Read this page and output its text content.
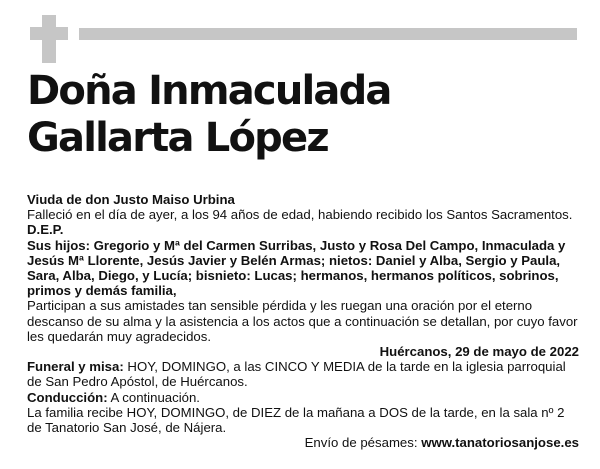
Doña Inmaculada
Gallarta López

Viuda de don Justo Maiso Urbina

Falleció en el día de ayer, a los 94 años de edad, habiendo recibido los Santos Sacramentos.

D.E.P.

Sus hijos: Gregorio y Mª del Carmen Surribas, Justo y Rosa Del Campo, Inmaculada y Jesús Mª Llorente, Jesús Javier y Belén Armas; nietos: Daniel y Alba, Sergio y Paula, Sara, Alba, Diego, y Lucía; bisnieto: Lucas; hermanos, hermanos políticos, sobrinos, primos y demás familia,

Participan a sus amistades tan sensible pérdida y les ruegan una oración por el eterno descanso de su alma y la asistencia a los actos que a continuación se detallan, por cuyo favor les quedarán muy agradecidos.

Huércanos, 29 de mayo de 2022

Funeral y misa: HOY, DOMINGO, a las CINCO Y MEDIA de la tarde en la iglesia parroquial de San Pedro Apóstol, de Huércanos.

Conducción: A continuación.

La familia recibe HOY, DOMINGO, de DIEZ de la mañana a DOS de la tarde, en la sala nº 2 de Tanatorio San José, de Nájera.

Envío de pésames: www.tanatoriosanjose.es
